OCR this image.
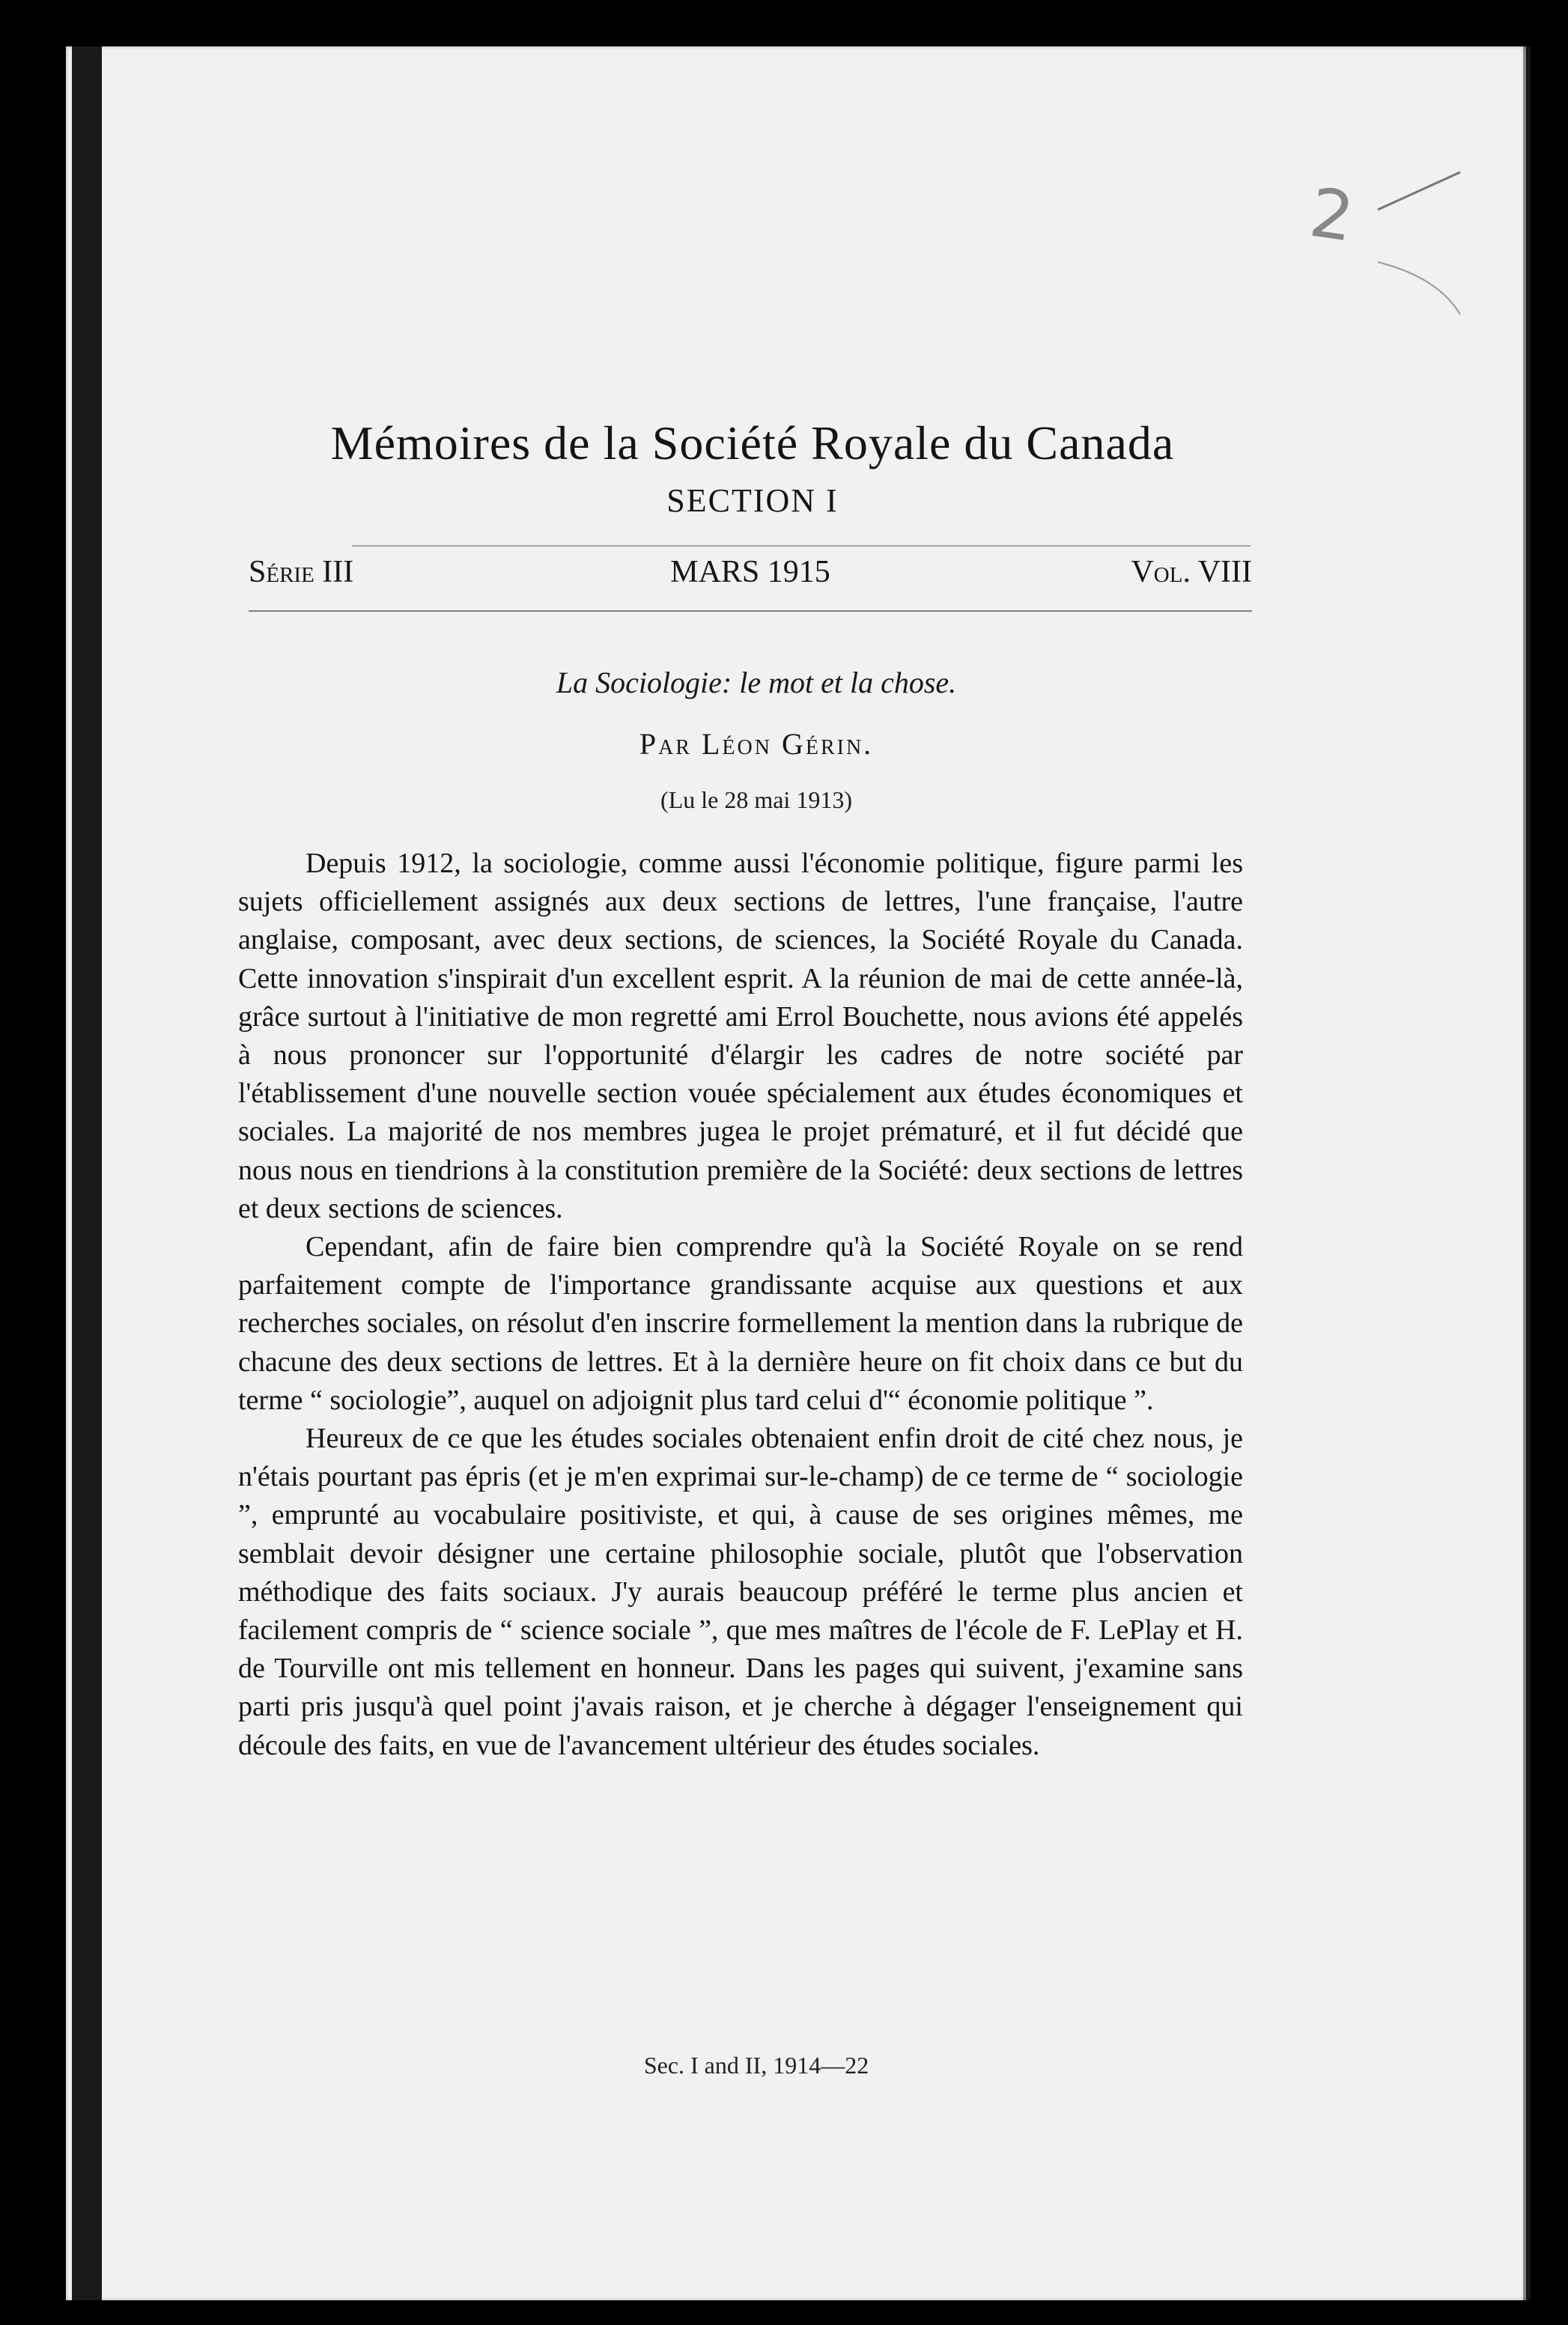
2
Mémoires de la Société Royale du Canada
SECTION I
Série III	MARS 1915	Vol. VIII
La Sociologie: le mot et la chose.
Par Léon Gérin.
(Lu le 28 mai 1913)

Depuis 1912, la sociologie, comme aussi l'économie politique, figure parmi les sujets officiellement assignés aux deux sections de lettres, l'une française, l'autre anglaise, composant, avec deux sections, de sciences, la Société Royale du Canada. Cette innovation s'inspirait d'un excellent esprit. A la réunion de mai de cette année-là, grâce surtout à l'initiative de mon regretté ami Errol Bouchette, nous avions été appelés à nous prononcer sur l'opportunité d'élargir les cadres de notre société par l'établissement d'une nouvelle section vouée spécialement aux études économiques et sociales. La majorité de nos membres jugea le projet prématuré, et il fut décidé que nous nous en tiendrions à la constitution première de la Société: deux sections de lettres et deux sections de sciences.

Cependant, afin de faire bien comprendre qu'à la Société Royale on se rend parfaitement compte de l'importance grandissante acquise aux questions et aux recherches sociales, on résolut d'en inscrire formellement la mention dans la rubrique de chacune des deux sections de lettres. Et à la dernière heure on fit choix dans ce but du terme “ sociologie”, auquel on adjoignit plus tard celui d'“ économie politique ”.

Heureux de ce que les études sociales obtenaient enfin droit de cité chez nous, je n'étais pourtant pas épris (et je m'en exprimai sur-le-champ) de ce terme de “ sociologie ”, emprunté au vocabulaire positiviste, et qui, à cause de ses origines mêmes, me semblait devoir désigner une certaine philosophie sociale, plutôt que l'observation méthodique des faits sociaux. J'y aurais beaucoup préféré le terme plus ancien et facilement compris de “ science sociale ”, que mes maîtres de l'école de F. LePlay et H. de Tourville ont mis tellement en honneur. Dans les pages qui suivent, j'examine sans parti pris jusqu'à quel point j'avais raison, et je cherche à dégager l'enseignement qui découle des faits, en vue de l'avancement ultérieur des études sociales.

Sec. I and II, 1914—22
